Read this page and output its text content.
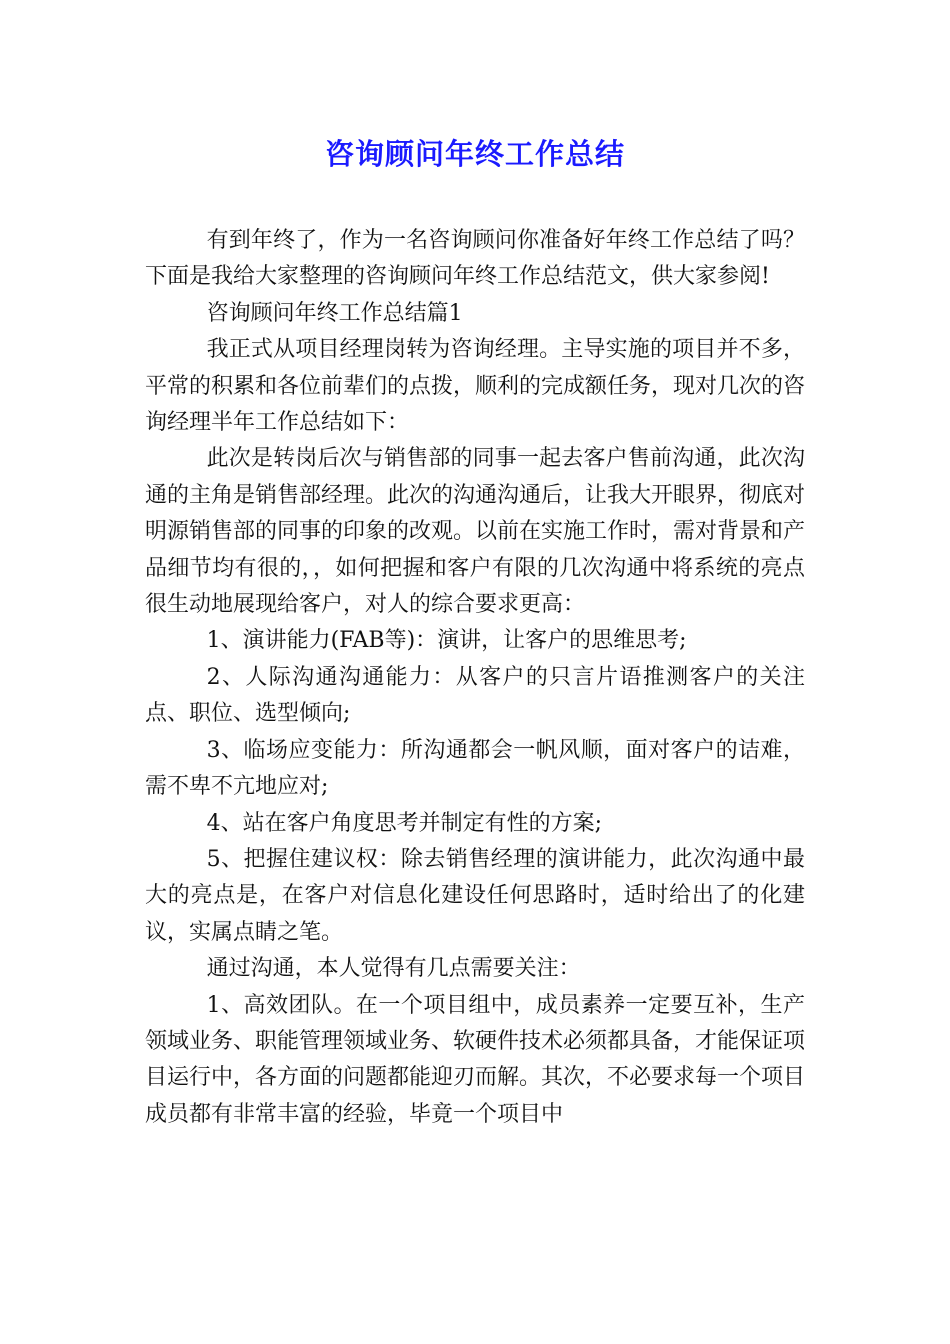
咨询顾问年终工作总结

有到年终了，作为一名咨询顾问你准备好年终工作总结了吗？下面是我给大家整理的咨询顾问年终工作总结范文，供大家参阅!

咨询顾问年终工作总结篇1

我正式从项目经理岗转为咨询经理。主导实施的项目并不多，平常的积累和各位前辈们的点拨，顺利的完成额任务，现对几次的咨询经理半年工作总结如下：

此次是转岗后次与销售部的同事一起去客户售前沟通，此次沟通的主角是销售部经理。此次的沟通沟通后，让我大开眼界，彻底对明源销售部的同事的印象的改观。以前在实施工作时，需对背景和产品细节均有很的，，如何把握和客户有限的几次沟通中将系统的亮点很生动地展现给客户，对人的综合要求更高：

1、演讲能力(FAB等)：演讲，让客户的思维思考;

2、人际沟通沟通能力：从客户的只言片语推测客户的关注点、职位、选型倾向;

3、临场应变能力：所沟通都会一帆风顺，面对客户的诘难，需不卑不亢地应对;

4、站在客户角度思考并制定有性的方案;

5、把握住建议权：除去销售经理的演讲能力，此次沟通中最大的亮点是，在客户对信息化建设任何思路时，适时给出了的化建议，实属点睛之笔。

通过沟通，本人觉得有几点需要关注：

1、高效团队。在一个项目组中，成员素养一定要互补，生产领域业务、职能管理领域业务、软硬件技术必须都具备，才能保证项目运行中，各方面的问题都能迎刃而解。其次，不必要求每一个项目成员都有非常丰富的经验，毕竟一个项目中
